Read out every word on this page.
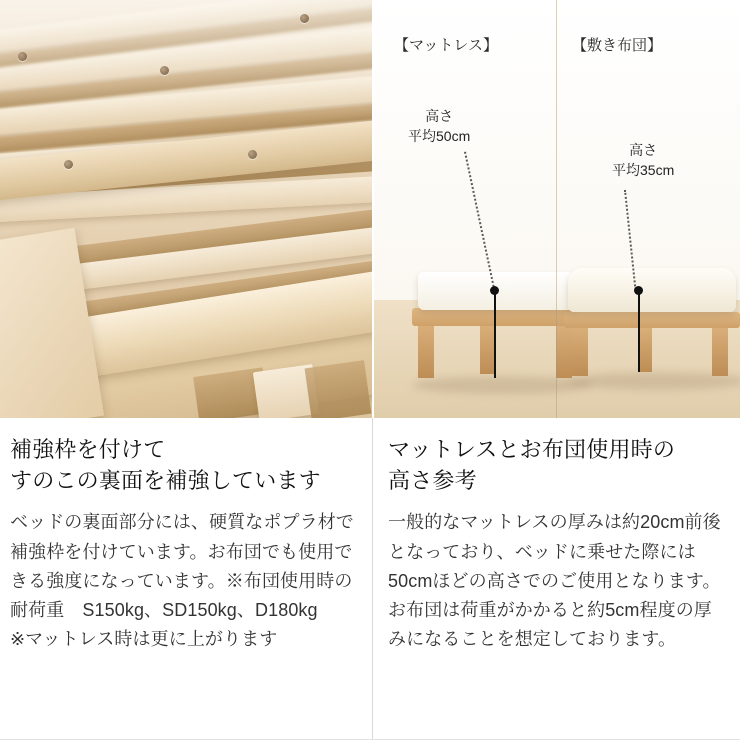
【マットレス】	【敷き布団】
高さ
平均50cm
高さ
平均35cm
補強枠を付けて
すのこの裏面を補強しています

ベッドの裏面部分には、硬質なポプラ材で補強枠を付けています。お布団でも使用できる強度になっています。※布団使用時の耐荷重　S150kg、SD150kg、D180kg
※マットレス時は更に上がります

マットレスとお布団使用時の
高さ参考

一般的なマットレスの厚みは約20cm前後となっており、ベッドに乗せた際には50cmほどの高さでのご使用となります。お布団は荷重がかかると約5cm程度の厚みになることを想定しております。
